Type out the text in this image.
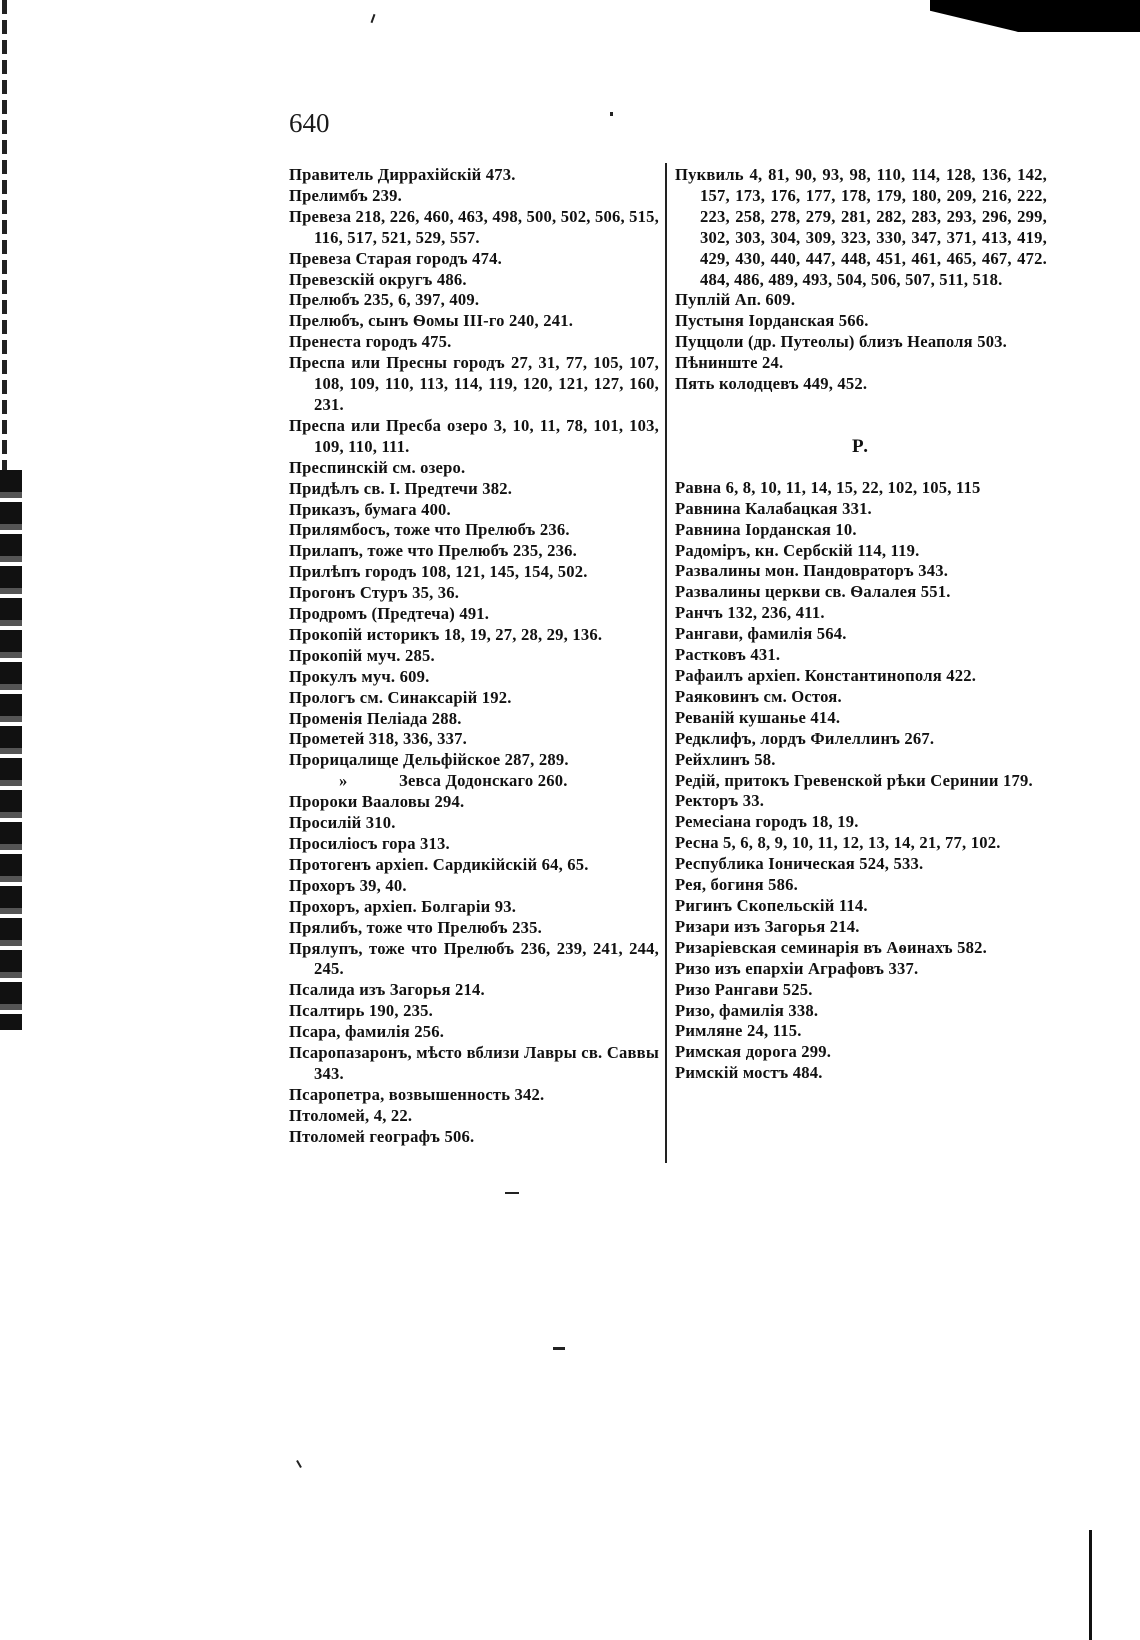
640

Правитель Диррахійскій 473.

Прелимбъ 239.

Превеза 218, 226, 460, 463, 498, 500, 502, 506, 515, 116, 517, 521, 529, 557.

Превеза Старая городъ 474.

Превезскій округъ 486.

Прелюбъ 235, 6, 397, 409.

Прелюбъ, сынъ Ѳомы III-го 240, 241.

Пренеста городъ 475.

Преспа или Пресны городъ 27, 31, 77, 105, 107, 108, 109, 110, 113, 114, 119, 120, 121, 127, 160, 231.

Преспа или Пресба озеро 3, 10, 11, 78, 101, 103, 109, 110, 111.

Преспинскій см. озеро.

Придѣлъ св. І. Предтечи 382.

Приказъ, бумага 400.

Прилямбосъ, тоже что Прелюбъ 236.

Прилапъ, тоже что Прелюбъ 235, 236.

Прилѣпъ городъ 108, 121, 145, 154, 502.

Прогонъ Стуръ 35, 36.

Продромъ (Предтеча) 491.

Прокопій историкъ 18, 19, 27, 28, 29, 136.

Прокопій муч. 285.

Прокулъ муч. 609.

Прологъ см. Синаксарій 192.

Променія Пеліада 288.

Прометей 318, 336, 337.

Прорицалище Дельфійское 287, 289.

»	Зевса Додонскаго 260.

Пророки Вааловы 294.

Просилій 310.

Просилiосъ гора 313.

Протогенъ архіеп. Сардикійскій 64, 65.

Прохоръ 39, 40.

Прохоръ, архіеп. Болгаріи 93.

Прялибъ, тоже что Прелюбъ 235.

Прялупъ, тоже что Прелюбъ 236, 239, 241, 244, 245.

Псалида изъ Загорья 214.

Псалтирь 190, 235.

Псара, фамилія 256.

Псаропазаронъ, мѣсто вблизи Лавры св. Саввы 343.

Псаропетра, возвышенность 342.

Птоломей, 4, 22.

Птоломей географъ 506.

Пуквиль 4, 81, 90, 93, 98, 110, 114, 128, 136, 142, 157, 173, 176, 177, 178, 179, 180, 209, 216, 222, 223, 258, 278, 279, 281, 282, 283, 293, 296, 299, 302, 303, 304, 309, 323, 330, 347, 371, 413, 419, 429, 430, 440, 447, 448, 451, 461, 465, 467, 472. 484, 486, 489, 493, 504, 506, 507, 511, 518.

Пуплій Ап. 609.

Пустыня Іорданская 566.

Пуццоли (др. Путеолы) близъ Неаполя 503.

Пѣнинште 24.

Пять колодцевъ 449, 452.

Р.

Равна 6, 8, 10, 11, 14, 15, 22, 102, 105, 115

Равнина Калабацкая 331.

Равнина Іорданская 10.

Радоміръ, кн. Сербскій 114, 119.

Развалины мон. Пандовраторъ 343.

Развалины церкви св. Ѳалалея 551.

Ранчъ 132, 236, 411.

Рангави, фамилія 564.

Растковъ 431.

Рафаилъ архіеп. Константинополя 422.

Раяковинъ см. Остоя.

Реваній кушанье 414.

Редклифъ, лордъ Филеллинъ 267.

Рейхлинъ 58.

Редій, притокъ Гревенской рѣки Серинии 179.

Ректоръ 33.

Ремесіана городъ 18, 19.

Ресна 5, 6, 8, 9, 10, 11, 12, 13, 14, 21, 77, 102.

Республика Іоническая 524, 533.

Рея, богиня 586.

Ригинъ Скопельскій 114.

Ризари изъ Загорья 214.

Ризаріевская семинарія въ Аѳинахъ 582.

Ризо изъ епархіи Аграфовъ 337.

Ризо Рангави 525.

Ризо, фамилія 338.

Римляне 24, 115.

Римская дорога 299.

Римскій мостъ 484.
